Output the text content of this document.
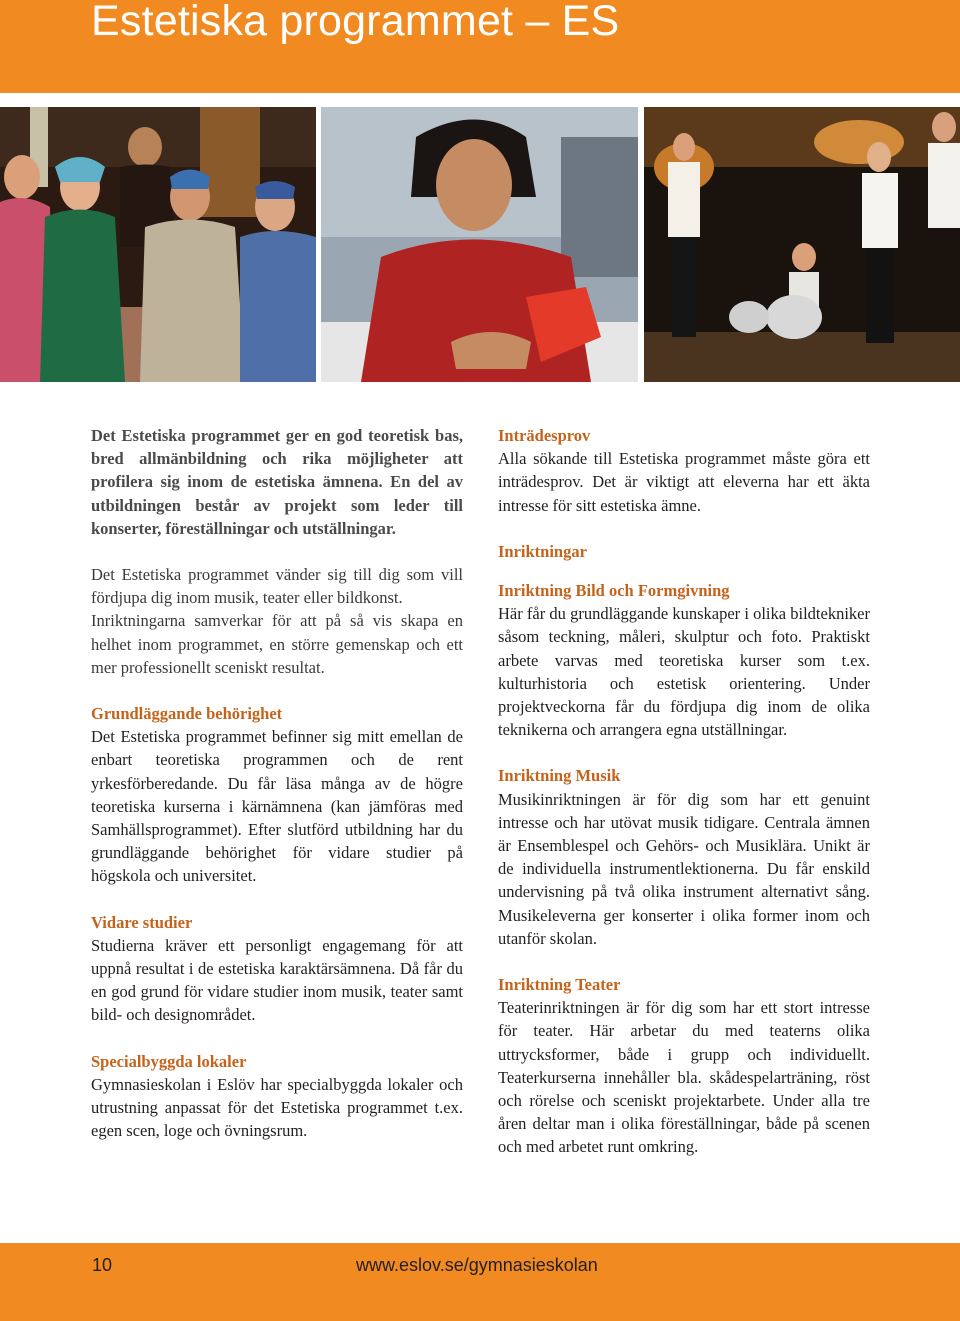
Estetiska programmet – ES

Det Estetiska programmet ger en god teoretisk bas, bred allmänbildning och rika möjligheter att profilera sig inom de estetiska ämnena. En del av utbildningen består av projekt som leder till konserter, föreställningar och utställningar.

Det Estetiska programmet vänder sig till dig som vill fördjupa dig inom musik, teater eller bildkonst.

Inriktningarna samverkar för att på så vis skapa en helhet inom programmet, en större gemenskap och ett mer professionellt sceniskt resultat.

Grundläggande behörighet

Det Estetiska programmet befinner sig mitt emellan de enbart teoretiska programmen och de rent yrkesförberedande. Du får läsa många av de högre teoretiska kurserna i kärnämnena (kan jämföras med Samhällsprogrammet). Efter slutförd utbildning har du grundläggande behörighet för vidare studier på högskola och universitet.

Vidare studier

Studierna kräver ett personligt engagemang för att uppnå resultat i de estetiska karaktärsämnena. Då får du en god grund för vidare studier inom musik, teater samt bild- och designområdet.

Specialbyggda lokaler

Gymnasieskolan i Eslöv har specialbyggda lokaler och utrustning anpassat för det Estetiska programmet t.ex. egen scen, loge och övningsrum.

Inträdesprov

Alla sökande till Estetiska programmet måste göra ett inträdesprov. Det är viktigt att eleverna har ett äkta intresse för sitt estetiska ämne.

Inriktningar
Inriktning Bild och Formgivning

Här får du grundläggande kunskaper i olika bildtekniker såsom teckning, måleri, skulptur och foto. Praktiskt arbete varvas med teoretiska kurser som t.ex. kulturhistoria och estetisk orientering. Under projektveckorna får du fördjupa dig inom de olika teknikerna och arrangera egna utställningar.

Inriktning Musik

Musikinriktningen är för dig som har ett genuint intresse och har utövat musik tidigare. Centrala ämnen är Ensemblespel och Gehörs- och Musiklära. Unikt är de individuella instrumentlektionerna. Du får enskild undervisning på två olika instrument alternativt sång. Musikeleverna ger konserter i olika former inom och utanför skolan.

Inriktning Teater

Teaterinriktningen är för dig som har ett stort intresse för teater. Här arbetar du med teaterns olika uttrycksformer, både i grupp och individuellt. Teaterkurserna innehåller bla. skådespelarträning, röst och rörelse och sceniskt projektarbete. Under alla tre åren deltar man i olika föreställningar, både på scenen och med arbetet runt omkring.

10	www.eslov.se/gymnasieskolan
